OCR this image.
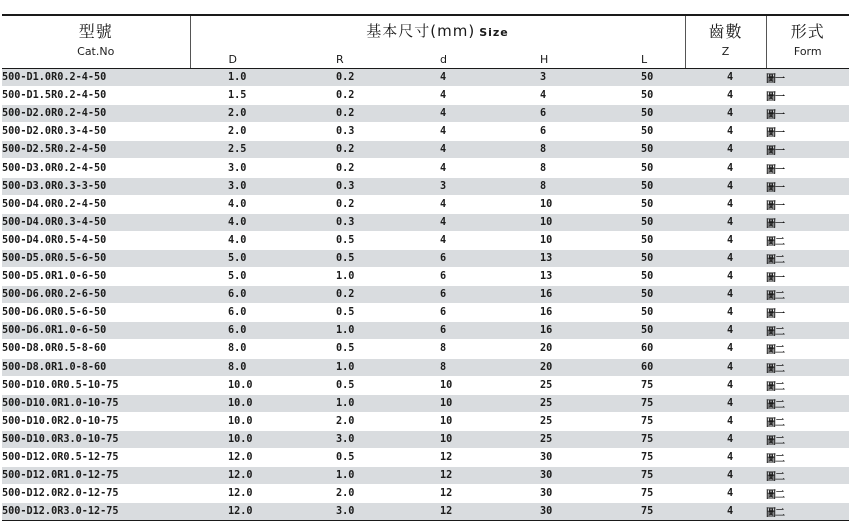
型號	基本尺寸(mm) Size					齒數	形式
Cat.No	D	R	d	H	L	Z	Form
500-D1.0R0.2-4-50	1.0	0.2	4	3	50	4	圖一
500-D1.5R0.2-4-50	1.5	0.2	4	4	50	4	圖一
500-D2.0R0.2-4-50	2.0	0.2	4	6	50	4	圖一
500-D2.0R0.3-4-50	2.0	0.3	4	6	50	4	圖一
500-D2.5R0.2-4-50	2.5	0.2	4	8	50	4	圖一
500-D3.0R0.2-4-50	3.0	0.2	4	8	50	4	圖一
500-D3.0R0.3-3-50	3.0	0.3	3	8	50	4	圖一
500-D4.0R0.2-4-50	4.0	0.2	4	10	50	4	圖一
500-D4.0R0.3-4-50	4.0	0.3	4	10	50	4	圖一
500-D4.0R0.5-4-50	4.0	0.5	4	10	50	4	圖二
500-D5.0R0.5-6-50	5.0	0.5	6	13	50	4	圖二
500-D5.0R1.0-6-50	5.0	1.0	6	13	50	4	圖一
500-D6.0R0.2-6-50	6.0	0.2	6	16	50	4	圖二
500-D6.0R0.5-6-50	6.0	0.5	6	16	50	4	圖一
500-D6.0R1.0-6-50	6.0	1.0	6	16	50	4	圖二
500-D8.0R0.5-8-60	8.0	0.5	8	20	60	4	圖二
500-D8.0R1.0-8-60	8.0	1.0	8	20	60	4	圖二
500-D10.0R0.5-10-75	10.0	0.5	10	25	75	4	圖二
500-D10.0R1.0-10-75	10.0	1.0	10	25	75	4	圖二
500-D10.0R2.0-10-75	10.0	2.0	10	25	75	4	圖二
500-D10.0R3.0-10-75	10.0	3.0	10	25	75	4	圖二
500-D12.0R0.5-12-75	12.0	0.5	12	30	75	4	圖二
500-D12.0R1.0-12-75	12.0	1.0	12	30	75	4	圖二
500-D12.0R2.0-12-75	12.0	2.0	12	30	75	4	圖二
500-D12.0R3.0-12-75	12.0	3.0	12	30	75	4	圖二
